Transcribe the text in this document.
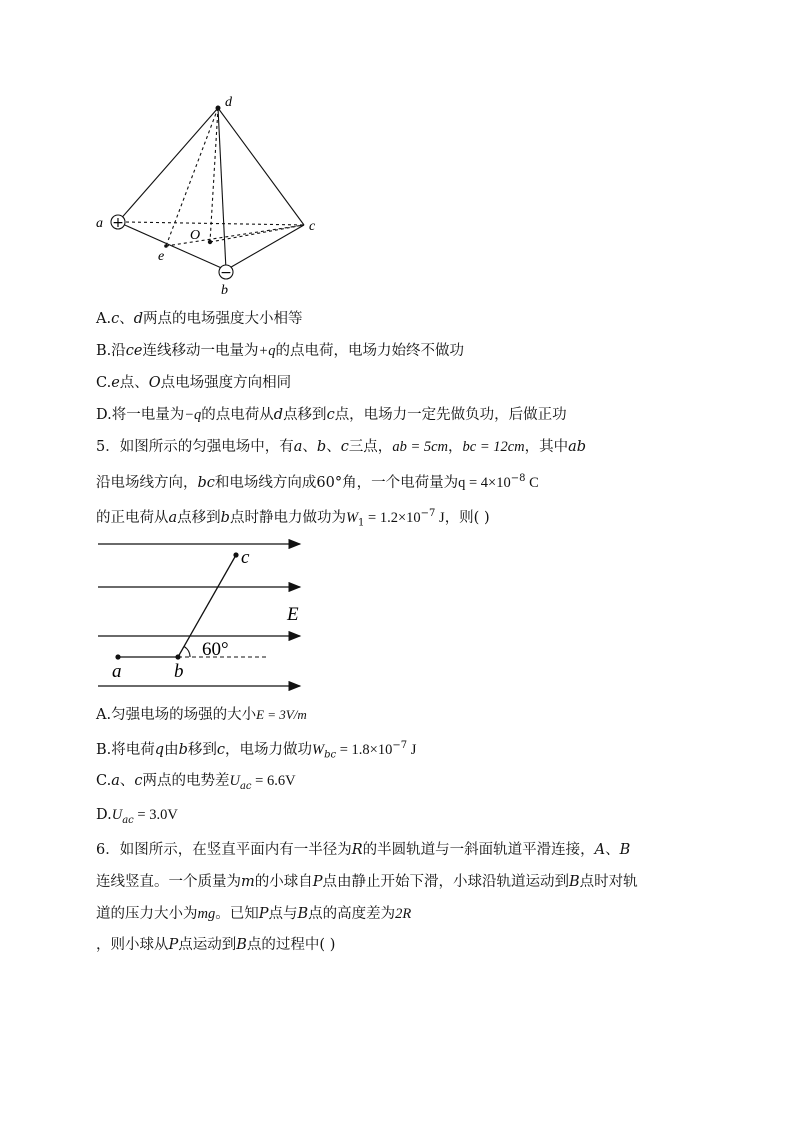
+
−
d
a	c
O
e
b
A.c、d两点的电场强度大小相等
B.沿ce连线移动一电量为+q的点电荷，电场力始终不做功
C.e点、O点电场强度方向相同
D.将一电量为−q的点电荷从d点移到c点，电场力一定先做负功，后做正功
5．如图所示的匀强电场中，有a、b、c三点，ab = 5cm，bc = 12cm，其中ab
沿电场线方向，bc和电场线方向成60°角，一个电荷量为$q = 4\times 10^{-8}$ C
的正电荷从a点移到b点时静电力做功为$W_1 = 1.2\times 10^{-7}$ J，则( )
c
E
60°
a	b
A.匀强电场的场强的大小E = 3V/m
B.将电荷q由b移到c，电场力做功$W_{bc} = 1.8\times 10^{-7}$ J
C.a、c两点的电势差$U_{ac} = 6.6V$
$D.U_{ac} = 3.0V$
6．如图所示，在竖直平面内有一半径为R的半圆轨道与一斜面轨道平滑连接，A、B
连线竖直。一个质量为m的小球自P点由静止开始下滑，小球沿轨道运动到B点时对轨
道的压力大小为mg。已知P点与B点的高度差为2R
，则小球从P点运动到B点的过程中( )
